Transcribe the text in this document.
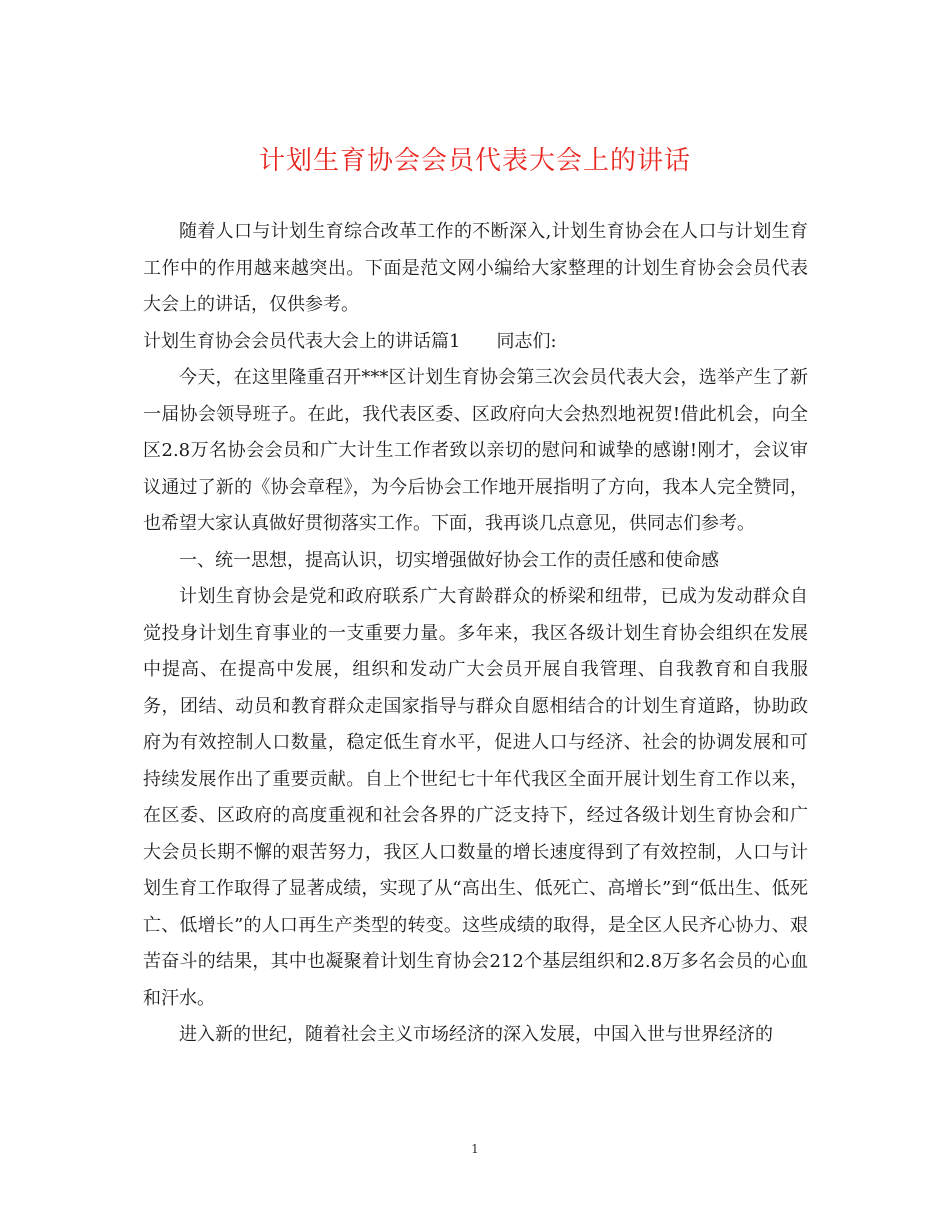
计划生育协会会员代表大会上的讲话

随着人口与计划生育综合改革工作的不断深入,计划生育协会在人口与计划生育工作中的作用越来越突出。下面是范文网小编给大家整理的计划生育协会会员代表大会上的讲话，仅供参考。

计划生育协会会员代表大会上的讲话篇1　　同志们:

今天，在这里隆重召开***区计划生育协会第三次会员代表大会，选举产生了新一届协会领导班子。在此，我代表区委、区政府向大会热烈地祝贺!借此机会，向全区2.8万名协会会员和广大计生工作者致以亲切的慰问和诚挚的感谢!刚才，会议审议通过了新的《协会章程》，为今后协会工作地开展指明了方向，我本人完全赞同，也希望大家认真做好贯彻落实工作。下面，我再谈几点意见，供同志们参考。

一、统一思想，提高认识，切实增强做好协会工作的责任感和使命感

计划生育协会是党和政府联系广大育龄群众的桥梁和纽带，已成为发动群众自觉投身计划生育事业的一支重要力量。多年来，我区各级计划生育协会组织在发展中提高、在提高中发展，组织和发动广大会员开展自我管理、自我教育和自我服务，团结、动员和教育群众走国家指导与群众自愿相结合的计划生育道路，协助政府为有效控制人口数量，稳定低生育水平，促进人口与经济、社会的协调发展和可持续发展作出了重要贡献。自上个世纪七十年代我区全面开展计划生育工作以来，在区委、区政府的高度重视和社会各界的广泛支持下，经过各级计划生育协会和广大会员长期不懈的艰苦努力，我区人口数量的增长速度得到了有效控制，人口与计划生育工作取得了显著成绩，实现了从“高出生、低死亡、高增长”到“低出生、低死亡、低增长”的人口再生产类型的转变。这些成绩的取得，是全区人民齐心协力、艰苦奋斗的结果，其中也凝聚着计划生育协会212个基层组织和2.8万多名会员的心血和汗水。

进入新的世纪，随着社会主义市场经济的深入发展，中国入世与世界经济的

1
